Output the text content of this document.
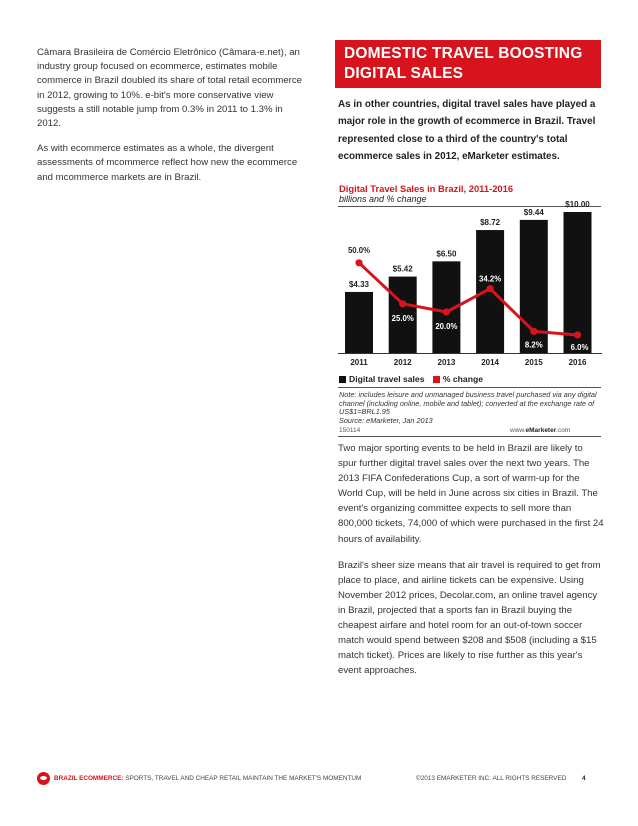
Câmara Brasileira de Comércio Eletrônico (Câmara-e.net), an industry group focused on ecommerce, estimates mobile commerce in Brazil doubled its share of total retail ecommerce in 2012, growing to 10%. e-bit's more conservative view suggests a still notable jump from 0.3% in 2011 to 1.3% in 2012.

As with ecommerce estimates as a whole, the divergent assessments of mcommerce reflect how new the ecommerce and mcommerce markets are in Brazil.

DOMESTIC TRAVEL BOOSTING
DIGITAL SALES
As in other countries, digital travel sales have played a major role in the growth of ecommerce in Brazil. Travel represented close to a third of the country's total ecommerce sales in 2012, eMarketer estimates.
Digital Travel Sales in Brazil, 2011-2016
billions and % change
$4.33
2011
$5.42
2012
$6.50
2013
$8.72
2014
$9.44
2015
$10.00
2016
50.0%
25.0%
20.0%
34.2%
8.2%	6.0%
Digital travel sales % change
Note: includes leisure and unmanaged business travel purchased via any digital channel (including online, mobile and tablet); converted at the exchange rate of US$1=BRL1.95
Source: eMarketer, Jan 2013
150114	www.eMarketer.com

Two major sporting events to be held in Brazil are likely to spur further digital travel sales over the next two years. The 2013 FIFA Confederations Cup, a sort of warm-up for the World Cup, will be held in June across six cities in Brazil. The event's organizing committee expects to sell more than 800,000 tickets, 74,000 of which were purchased in the first 24 hours of availability.

Brazil's sheer size means that air travel is required to get from place to place, and airline tickets can be expensive. Using November 2012 prices, Decolar.com, an online travel agency in Brazil, projected that a sports fan in Brazil buying the cheapest airfare and hotel room for an out-of-town soccer match would spend between $208 and $508 (including a $15 match ticket). Prices are likely to rise further as this year's event approaches.

BRAZIL ECOMMERCE: SPORTS, TRAVEL AND CHEAP RETAIL MAINTAIN THE MARKET'S MOMENTUM	©2013 EMARKETER INC. ALL RIGHTS RESERVED 4
